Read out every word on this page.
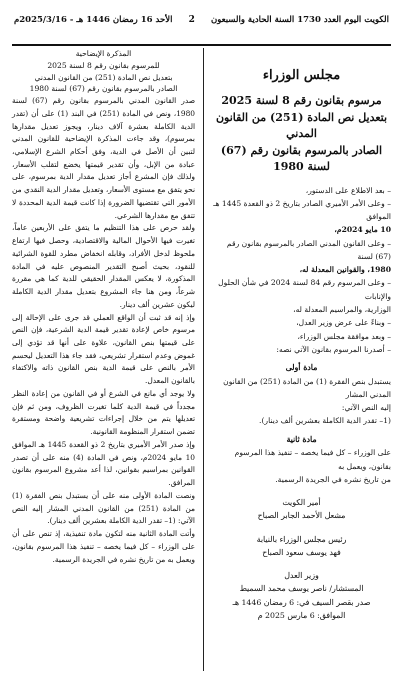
الكويت اليوم العدد 1730 السنة الحادية والسبعون
2
الأحد 16 رمضان 1446 هـ - 2025/3/16م
مجلس الوزراء
مرسوم بقانون رقم 8 لسنة 2025
بتعديل نص المادة (251) من القانون المدني
الصادر بالمرسوم بقانون رقم (67) لسنة 1980
– بعد الاطلاع على الدستور،
– وعلى الأمر الأميري الصادر بتاريخ 2 ذو القعدة 1445 هـ الموافق
10 مايو 2024م،
– وعلى القانون المدني الصادر بالمرسوم بقانون رقم (67) لسنة
1980، والقوانين المعدلة له،
– وعلى المرسوم رقم 84 لسنة 2024 في شأن الحلول والإنابات
الوزارية، والمراسيم المعدلة له،
– وبناءً على عرض وزير العدل،
– وبعد موافقة مجلس الوزراء،
– أصدرنا المرسوم بقانون الآتي نصه:
مادة أولى
يستبدل بنص الفقرة (1) من المادة (251) من القانون المدني المشار
إليه النص الآتي:
(1– تقدر الدية الكاملة بعشرين ألف دينار).
مادة ثانية
على الوزراء – كل فيما يخصه – تنفيذ هذا المرسوم بقانون، ويعمل به
من تاريخ نشره في الجريدة الرسمية.
أمير الكويت
مشعل الأحمد الجابر الصباح
رئيس مجلس الوزراء بالنيابة
فهد يوسف سعود الصباح
وزير العدل
المستشار/ ناصر يوسف محمد السميط
صدر بقصر السيف في: 6 رمضان 1446 هـ
الموافق: 6 مارس 2025 م
المذكرة الإيضاحية
للمرسوم بقانون رقم 8 لسنة 2025
بتعديل نص المادة (251) من القانون المدني
الصادر بالمرسوم بقانون رقم (67) لسنة 1980

صدر القانون المدني بالمرسوم بقانون رقم (67) لسنة 1980، ونص في المادة (251) في البند (1) على أن (تقدر الدية الكاملة بعشرة آلاف دينار، ويجوز تعديل مقدارها بمرسوم)، وقد جاءت المذكرة الإيضاحية للقانون المدني لتبين أن الأصل في الدية، وفق أحكام الشرع الإسلامي، عبادة من الإبل، وأن تقدير قيمتها يخضع لتقلب الأسعار، ولذلك فإن المشرع أجاز تعديل مقدار الدية بمرسوم، على نحو يتفق مع مستوى الأسعار، وتعديل مقدار الدية النقدي من الأمور التي تقتضيها الضرورة إذا كانت قيمة الدية المحددة لا تتفق مع مقدارها الشرعي.

ولقد حرص على هذا التنظيم ما يتفق على الأربعين عاماً، تغيرت فيها الأحوال المالية والاقتصادية، وحصل فيها ارتفاع ملحوظ لدخل الأفراد، وقابله انخفاض مطرد للقوة الشرائية للنقود، بحيث أصبح التقدير المنصوص عليه في المادة المذكورة، لا يعكس المقدار الحقيقي للدية كما هي مقررة شرعاً، ومن هنا جاء المشروع بتعديل مقدار الدية الكاملة ليكون عشرين ألف دينار.

وإذ إنه قد ثبت أن الواقع العملي قد جرى على الإحالة إلى مرسوم خاص لإعادة تقدير قيمة الدية الشرعية، فإن النص على قيمتها بنص القانون، علاوة على أنها قد تؤدي إلى غموض وعدم استقرار تشريعي، فقد جاء هذا التعديل ليحسم الأمر بالنص على قيمة الدية بنص القانون ذاته والاكتفاء بالقانون المعدل.

ولا يوجد أي مانع في الشرع أو في القانون من إعادة النظر مجدداً في قيمة الدية كلما تغيرت الظروف، ومن ثم فإن تعديلها يتم من خلال إجراءات تشريعية واضحة ومستقرة تضمن استقرار المنظومة القانونية.

وإذ صدر الأمر الأميري بتاريخ 2 ذو القعدة 1445 هـ الموافق 10 مايو 2024م، ونص في المادة (4) منه على أن تصدر القوانين بمراسيم بقوانين، لذا أعد مشروع المرسوم بقانون المرافق.

ونصت المادة الأولى منه على أن يستبدل بنص الفقرة (1) من المادة (251) من القانون المدني المشار إليه النص الآتي: (1– تقدر الدية الكاملة بعشرين ألف دينار).

وأتت المادة الثانية منه لتكون مادة تنفيذية، إذ تنص على أن على الوزراء – كل فيما يخصه – تنفيذ هذا المرسوم بقانون، ويعمل به من تاريخ نشره في الجريدة الرسمية.
